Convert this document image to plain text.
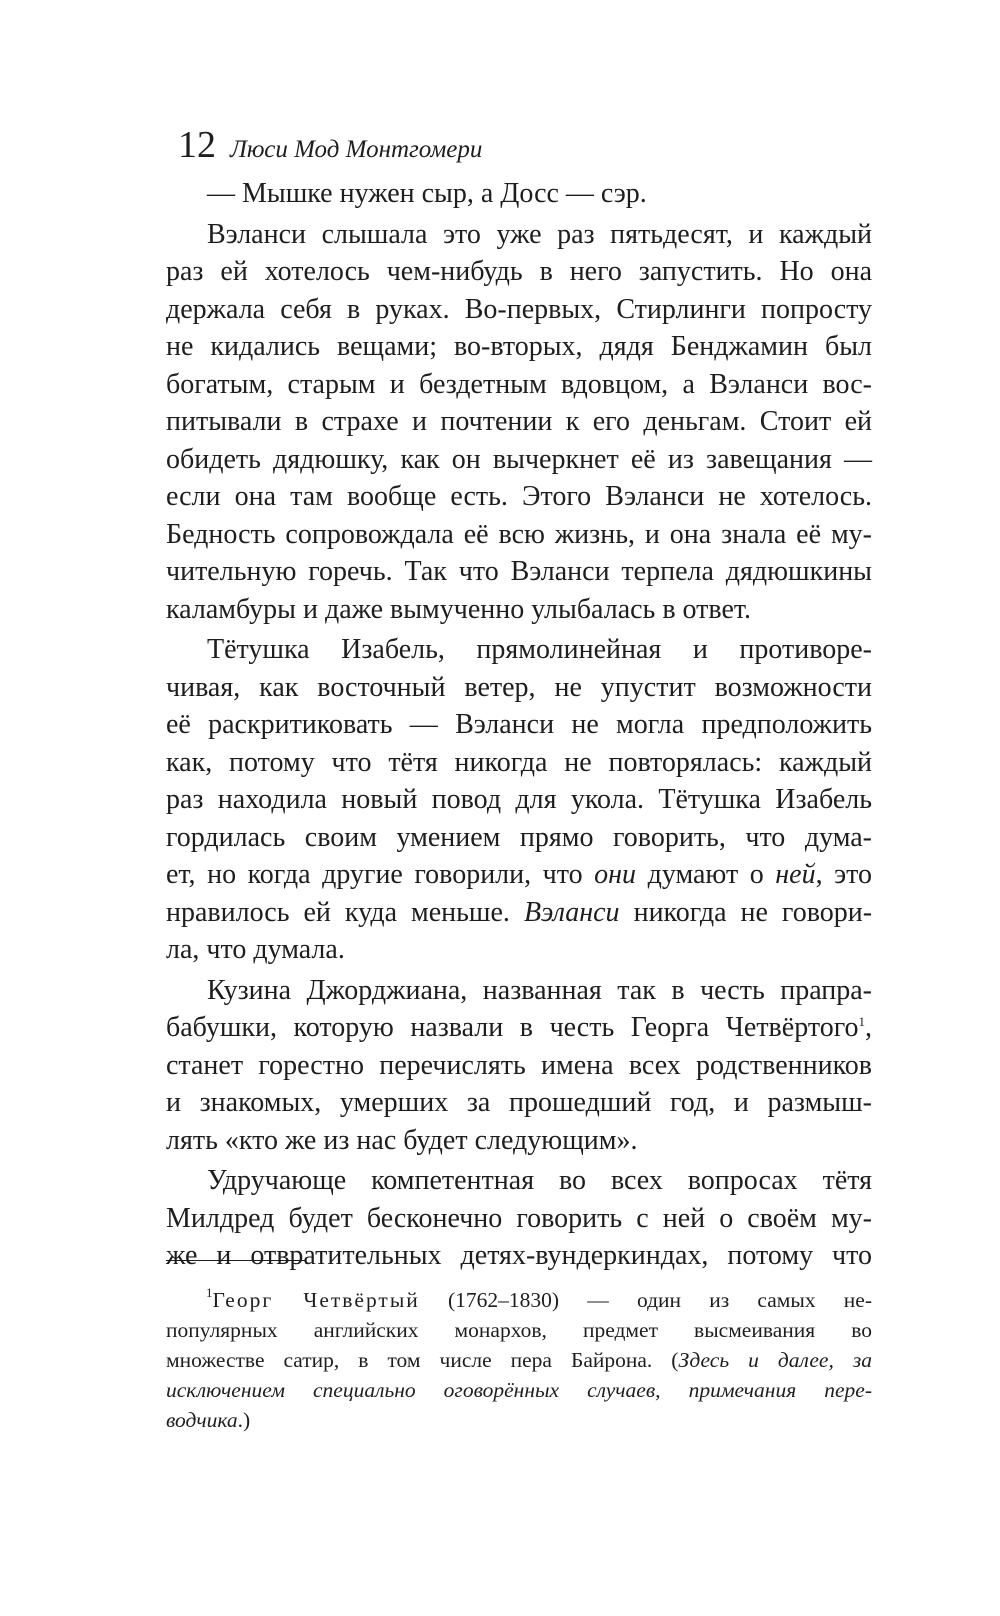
12 Люси Мод Монтгомери
— Мышке нужен сыр, а Досс — сэр.
Вэланси слышала это уже раз пятьдесят, и каждый
раз ей хотелось чем-нибудь в него запустить. Но она
держала себя в руках. Во-первых, Стирлинги попросту
не кидались вещами; во-вторых, дядя Бенджамин был
богатым, старым и бездетным вдовцом, а Вэланси вос-
питывали в страхе и почтении к его деньгам. Стоит ей
обидеть дядюшку, как он вычеркнет её из завещания —
если она там вообще есть. Этого Вэланси не хотелось.
Бедность сопровождала её всю жизнь, и она знала её му-
чительную горечь. Так что Вэланси терпела дядюшкины
каламбуры и даже вымученно улыбалась в ответ.
Тётушка Изабель, прямолинейная и противоре-
чивая, как восточный ветер, не упустит возможности
её раскритиковать — Вэланси не могла предположить
как, потому что тётя никогда не повторялась: каждый
раз находила новый повод для укола. Тётушка Изабель
гордилась своим умением прямо говорить, что дума-
ет, но когда другие говорили, что они думают о ней, это
нравилось ей куда меньше. Вэланси никогда не говори-
ла, что думала.
Кузина Джорджиана, названная так в честь прапра-
бабушки, которую назвали в честь Георга Четвёртого$^1$,
станет горестно перечислять имена всех родственников
и знакомых, умерших за прошедший год, и размыш-
лять «кто же из нас будет следующим».
Удручающе компетентная во всех вопросах тётя
Милдред будет бесконечно говорить с ней о своём му-
же и отвратительных детях-вундеркиндах, потому что
$^1$Георг Четвёртый (1762–1830) — один из самых не-
популярных английских монархов, предмет высмеивания во
множестве сатир, в том числе пера Байрона. (Здесь и далее, за
исключением специально оговорённых случаев, примечания пере-
водчика.)
